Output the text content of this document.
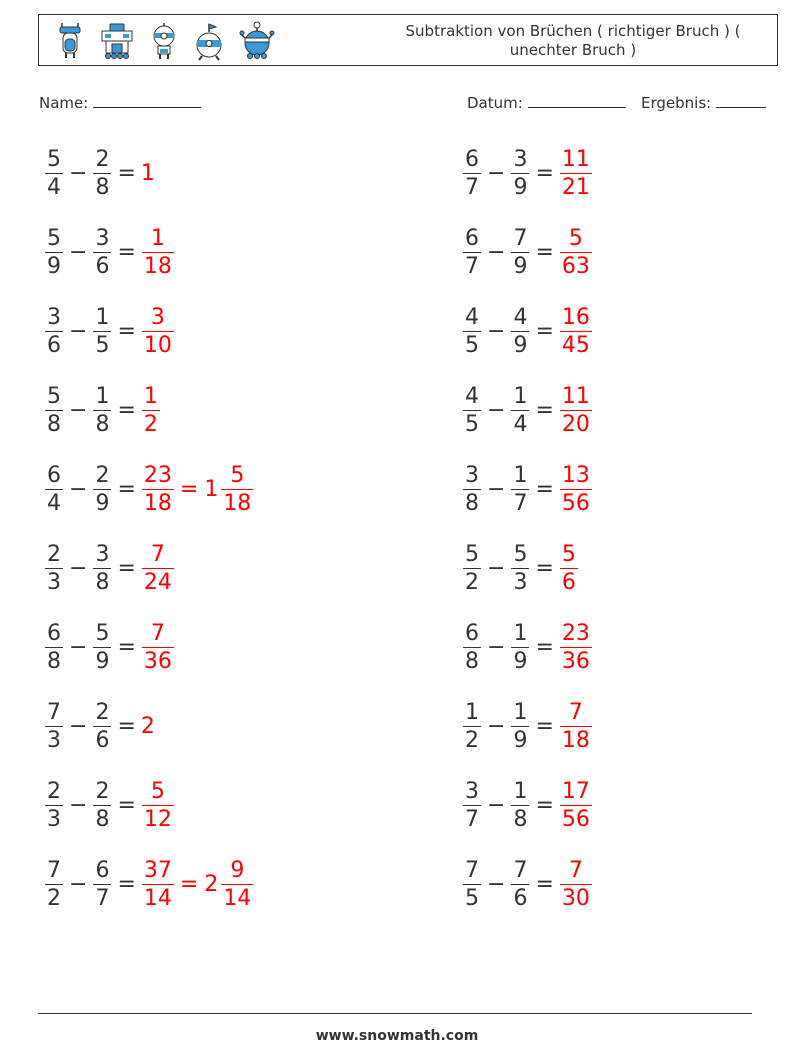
Subtraktion von Brüchen ( richtiger Bruch ) ( unechter Bruch )
Name:	Datum:	Ergebnis:
$\frac{5}{4} - \frac{2}{8} = 1$
$\frac{5}{9} - \frac{3}{6} = \frac{1}{18}$
$\frac{3}{6} - \frac{1}{5} = \frac{3}{10}$
$\frac{5}{8} - \frac{1}{8} = \frac{1}{2}$
$\frac{6}{4} - \frac{2}{9} = \frac{23}{18} = 1 \frac{5}{18}$
$\frac{2}{3} - \frac{3}{8} = \frac{7}{24}$
$\frac{6}{8} - \frac{5}{9} = \frac{7}{36}$
$\frac{7}{3} - \frac{2}{6} = 2$
$\frac{2}{3} - \frac{2}{8} = \frac{5}{12}$
$\frac{7}{2} - \frac{6}{7} = \frac{37}{14} = 2 \frac{9}{14}$
$\frac{6}{7} - \frac{3}{9} = \frac{11}{21}$
$\frac{6}{7} - \frac{7}{9} = \frac{5}{63}$
$\frac{4}{5} - \frac{4}{9} = \frac{16}{45}$
$\frac{4}{5} - \frac{1}{4} = \frac{11}{20}$
$\frac{3}{8} - \frac{1}{7} = \frac{13}{56}$
$\frac{5}{2} - \frac{5}{3} = \frac{5}{6}$
$\frac{6}{8} - \frac{1}{9} = \frac{23}{36}$
$\frac{1}{2} - \frac{1}{9} = \frac{7}{18}$
$\frac{3}{7} - \frac{1}{8} = \frac{17}{56}$
$\frac{7}{5} - \frac{7}{6} = \frac{7}{30}$
www.snowmath.com
